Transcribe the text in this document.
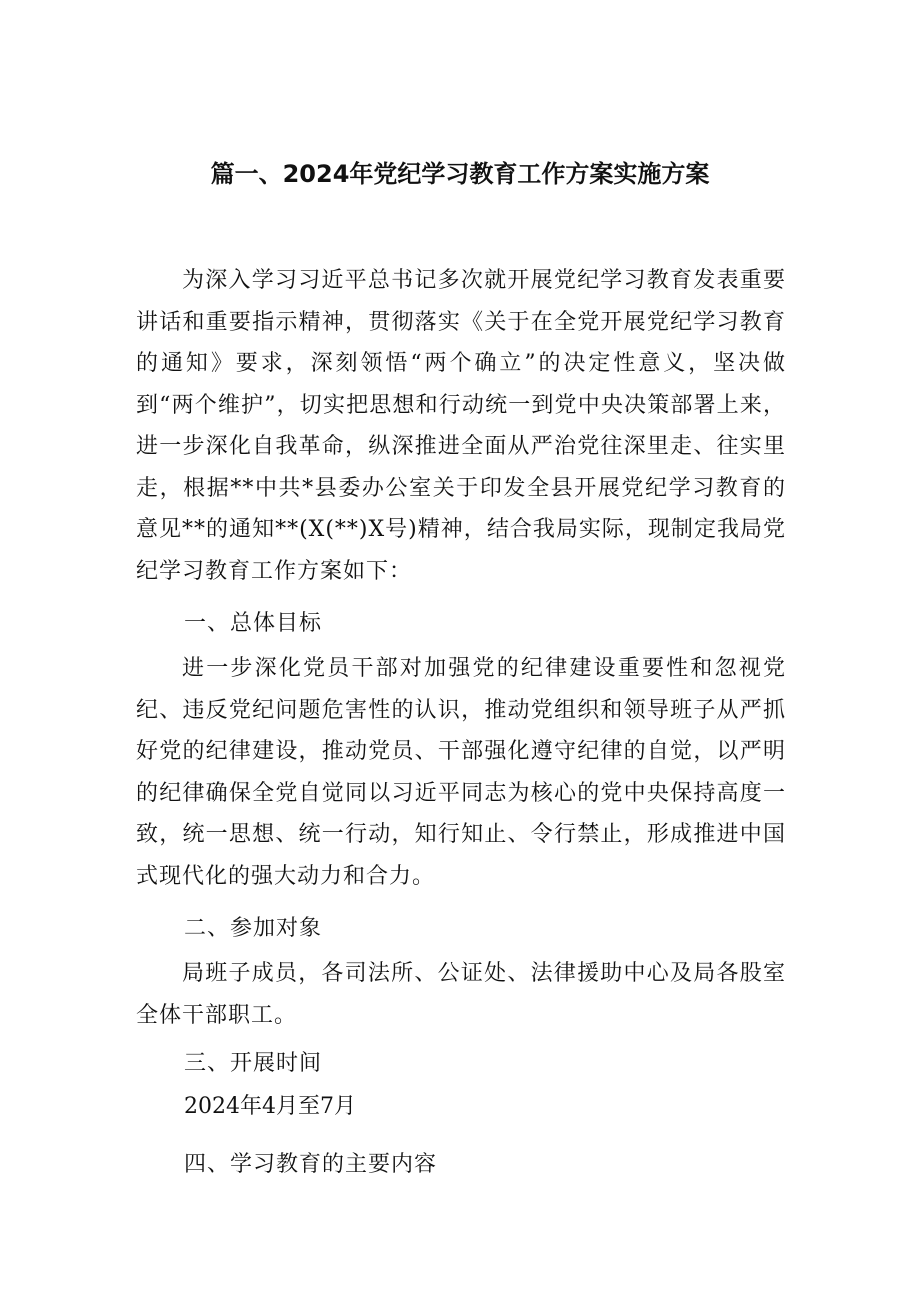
篇一、2024年党纪学习教育工作方案实施方案

为深入学习习近平总书记多次就开展党纪学习教育发表重要讲话和重要指示精神，贯彻落实《关于在全党开展党纪学习教育的通知》要求，深刻领悟“两个确立”的决定性意义，坚决做到“两个维护”，切实把思想和行动统一到党中央决策部署上来，进一步深化自我革命，纵深推进全面从严治党往深里走、往实里走，根据**中共*县委办公室关于印发全县开展党纪学习教育的意见**的通知**(X(**)X号)精神，结合我局实际，现制定我局党纪学习教育工作方案如下：

一、总体目标

进一步深化党员干部对加强党的纪律建设重要性和忽视党纪、违反党纪问题危害性的认识，推动党组织和领导班子从严抓好党的纪律建设，推动党员、干部强化遵守纪律的自觉，以严明的纪律确保全党自觉同以习近平同志为核心的党中央保持高度一致，统一思想、统一行动，知行知止、令行禁止，形成推进中国式现代化的强大动力和合力。

二、参加对象

局班子成员，各司法所、公证处、法律援助中心及局各股室全体干部职工。

三、开展时间

2024年4月至7月

四、学习教育的主要内容
